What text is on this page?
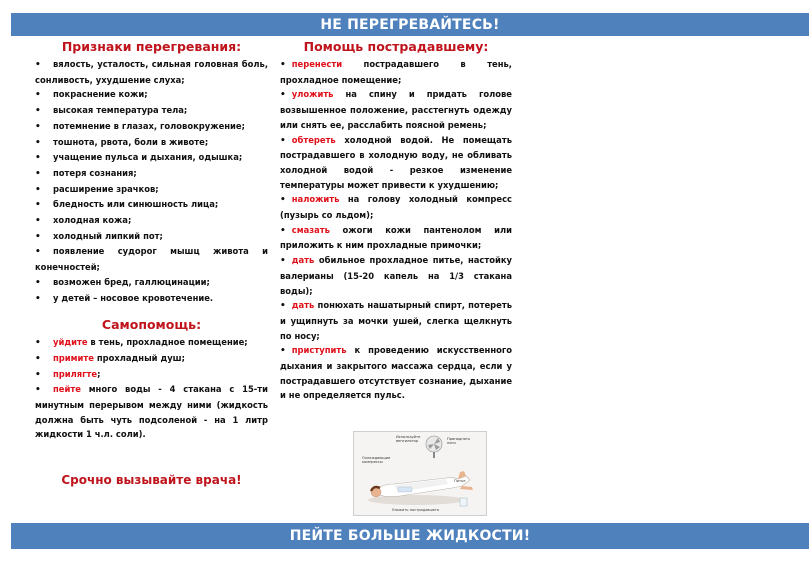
НЕ ПЕРЕГРЕВАЙТЕСЬ!
Признаки перегревания:
• вялость, усталость, сильная головная боль, сонливость, ухудшение слуха;
• покраснение кожи;
• высокая температура тела;
• потемнение в глазах, головокружение;
• тошнота, рвота, боли в животе;
• учащение пульса и дыхания, одышка;
• потеря сознания;
• расширение зрачков;
• бледность или синюшность лица;
• холодная кожа;
• холодный липкий пот;
• появление судорог мышц живота и конечностей;
• возможен бред, галлюцинации;
• у детей – носовое кровотечение.
Самопомощь:
• уйдите в тень, прохладное помещение;
• примите прохладный душ;
• прилягте;
• пейте много воды - 4 стакана с 15-ти минутным перерывом между ними (жидкость должна быть чуть подсоленой - на 1 литр жидкости 1 ч.л. соли).
Срочно вызывайте врача!
Помощь пострадавшему:
• перенести пострадавшего в тень, прохладное помещение;
• уложить на спину и придать голове возвышенное положение, расстегнуть одежду или снять ее, расслабить поясной ремень;
• обтереть холодной водой. Не помещать пострадавшего в холодную воду, не обливать холодной водой - резкое изменение температуры может привести к ухудшению;
• наложить на голову холодный компресс (пузырь со льдом);
• смазать ожоги кожи пантенолом или приложить к ним прохладные примочки;
• дать обильное прохладное питье, настойку валерианы (15-20 капель на 1/3 стакана воды);
• дать понюхать нашатырный спирт, потереть и ущипнуть за мочки ушей, слегка щелкнуть по носу;
• приступить к проведению искусственного дыхания и закрытого массажа сердца, если у пострадавшего отсутствует сознание, дыхание и не определяется пульс.
Используйте вентилятор
Приподнять ноги
Охлаждающие компрессы
Питье
Уложить пострадавшего
ПЕЙТЕ БОЛЬШЕ ЖИДКОСТИ!
